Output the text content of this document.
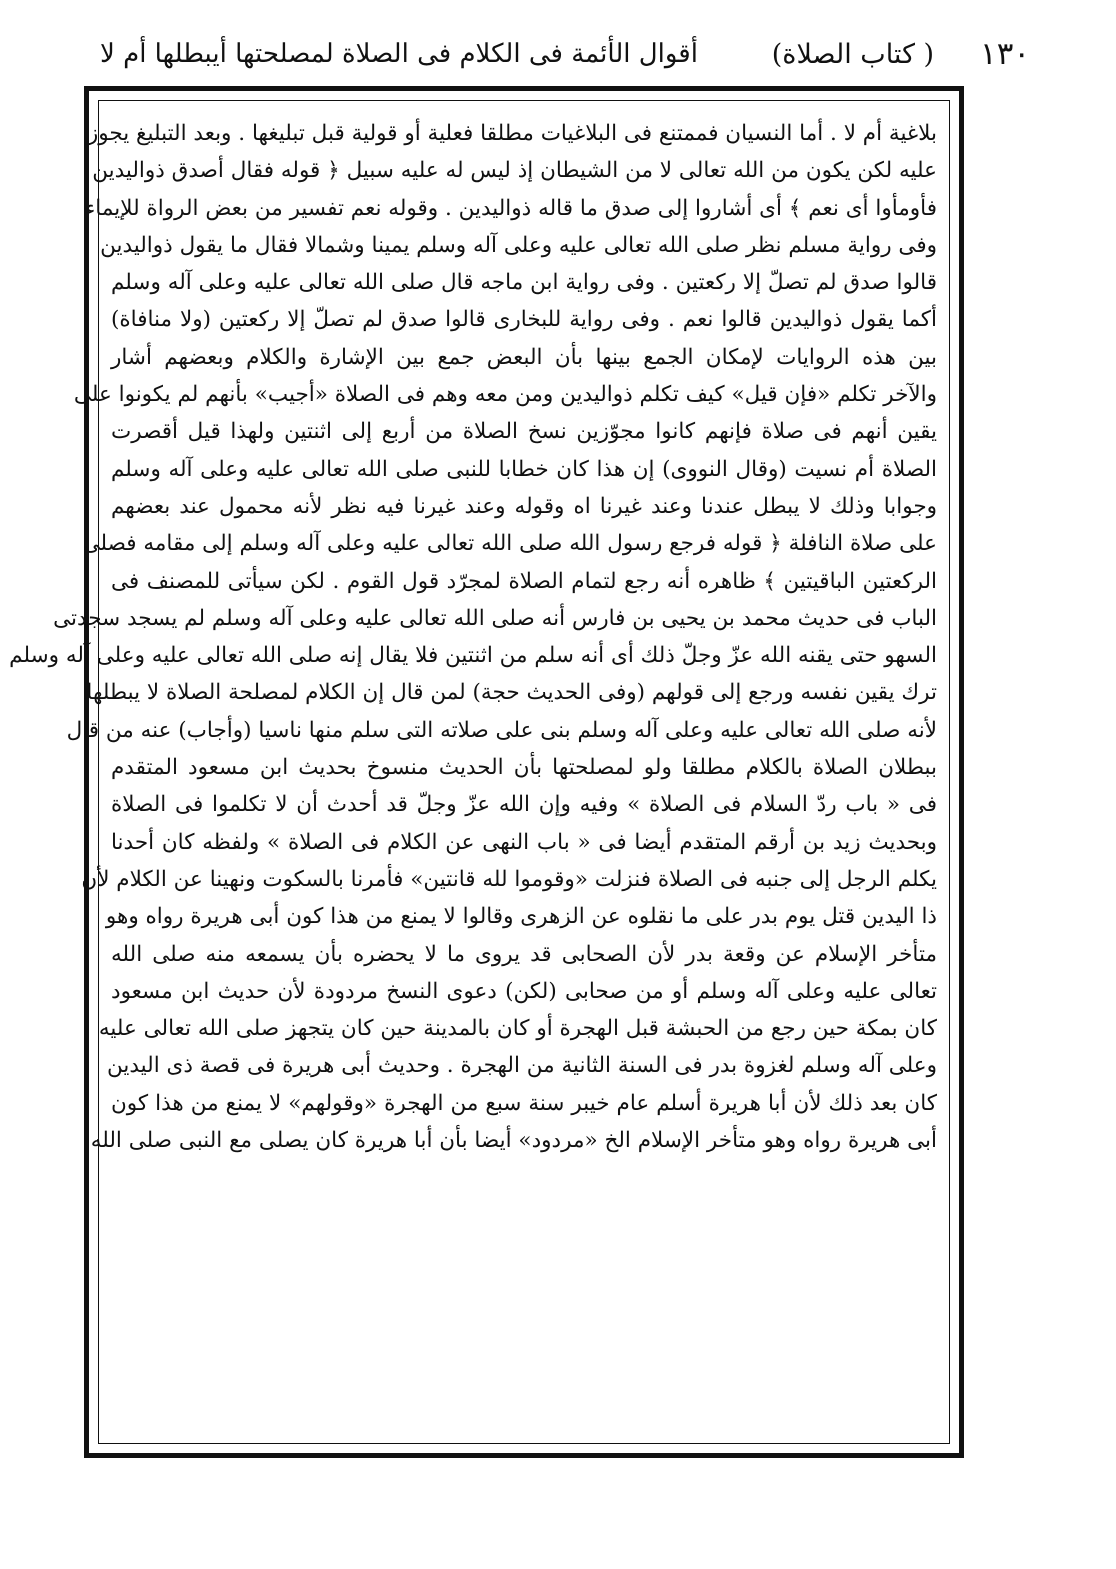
١٣٠
( كتاب الصلاة)
أقوال الأئمة فى الكلام فى الصلاة لمصلحتها أيبطلها أم لا
بلاغية أم لا . أما النسيان فممتنع فى البلاغيات مطلقا فعلية أو قولية قبل تبليغها . وبعد التبليغ يجوز
عليه لكن يكون من الله تعالى لا من الشيطان إذ ليس له عليه سبيل ﴿ قوله فقال أصدق ذواليدين
فأومأوا أى نعم ﴾ أى أشاروا إلى صدق ما قاله ذواليدين . وقوله نعم تفسير من بعض الرواة للإيماء
وفى رواية مسلم نظر صلى الله تعالى عليه وعلى آله وسلم يمينا وشمالا فقال ما يقول ذواليدين
قالوا صدق لم تصلّ إلا ركعتين . وفى رواية ابن ماجه قال صلى الله تعالى عليه وعلى آله وسلم
أكما يقول ذواليدين قالوا نعم . وفى رواية للبخارى قالوا صدق لم تصلّ إلا ركعتين (ولا منافاة)
بين هذه الروايات لإمكان الجمع بينها بأن البعض جمع بين الإشارة والكلام وبعضهم أشار
والآخر تكلم «فإن قيل» كيف تكلم ذواليدين ومن معه وهم فى الصلاة «أجيب» بأنهم لم يكونوا على
يقين أنهم فى صلاة فإنهم كانوا مجوّزين نسخ الصلاة من أربع إلى اثنتين ولهذا قيل أقصرت
الصلاة أم نسيت (وقال النووى) إن هذا كان خطابا للنبى صلى الله تعالى عليه وعلى آله وسلم
وجوابا وذلك لا يبطل عندنا وعند غيرنا اه وقوله وعند غيرنا فيه نظر لأنه محمول عند بعضهم
على صلاة النافلة ﴿ قوله فرجع رسول الله صلى الله تعالى عليه وعلى آله وسلم إلى مقامه فصلى
الركعتين الباقيتين ﴾ ظاهره أنه رجع لتمام الصلاة لمجرّد قول القوم . لكن سيأتى للمصنف فى
الباب فى حديث محمد بن يحيى بن فارس أنه صلى الله تعالى عليه وعلى آله وسلم لم يسجد سجدتى
السهو حتى يقنه الله عزّ وجلّ ذلك أى أنه سلم من اثنتين فلا يقال إنه صلى الله تعالى عليه وعلى آله وسلم
ترك يقين نفسه ورجع إلى قولهم (وفى الحديث حجة) لمن قال إن الكلام لمصلحة الصلاة لا يبطلها
لأنه صلى الله تعالى عليه وعلى آله وسلم بنى على صلاته التى سلم منها ناسيا (وأجاب) عنه من قال
ببطلان الصلاة بالكلام مطلقا ولو لمصلحتها بأن الحديث منسوخ بحديث ابن مسعود المتقدم
فى « باب ردّ السلام فى الصلاة » وفيه وإن الله عزّ وجلّ قد أحدث أن لا تكلموا فى الصلاة
وبحديث زيد بن أرقم المتقدم أيضا فى « باب النهى عن الكلام فى الصلاة » ولفظه كان أحدنا
يكلم الرجل إلى جنبه فى الصلاة فنزلت «وقوموا لله قانتين» فأمرنا بالسكوت ونهينا عن الكلام لأن
ذا اليدين قتل يوم بدر على ما نقلوه عن الزهرى وقالوا لا يمنع من هذا كون أبى هريرة رواه وهو
متأخر الإسلام عن وقعة بدر لأن الصحابى قد يروى ما لا يحضره بأن يسمعه منه صلى الله
تعالى عليه وعلى آله وسلم أو من صحابى (لكن) دعوى النسخ مردودة لأن حديث ابن مسعود
كان بمكة حين رجع من الحبشة قبل الهجرة أو كان بالمدينة حين كان يتجهز صلى الله تعالى عليه
وعلى آله وسلم لغزوة بدر فى السنة الثانية من الهجرة . وحديث أبى هريرة فى قصة ذى اليدين
كان بعد ذلك لأن أبا هريرة أسلم عام خيبر سنة سبع من الهجرة «وقولهم» لا يمنع من هذا كون
أبى هريرة رواه وهو متأخر الإسلام الخ «مردود» أيضا بأن أبا هريرة كان يصلى مع النبى صلى الله
